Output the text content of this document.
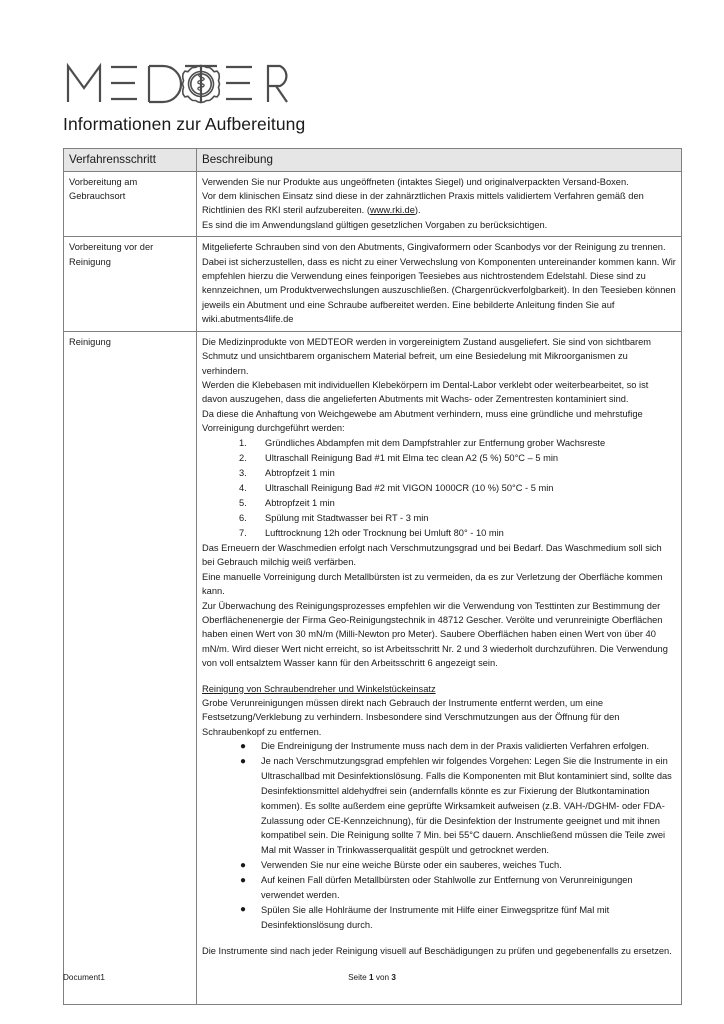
Informationen zur Aufbereitung
Verfahrensschritt	Beschreibung
Vorbereitung am Gebrauchsort	Verwenden Sie nur Produkte aus ungeöffneten (intaktes Siegel) und originalverpackten Versand-Boxen.

Vor dem klinischen Einsatz sind diese in der zahnärztlichen Praxis mittels validiertem Verfahren gemäß den Richtlinien des RKI steril aufzubereiten. (www.rki.de).

Es sind die im Anwendungsland gültigen gesetzlichen Vorgaben zu berücksichtigen.

Vorbereitung vor der Reinigung	Mitgelieferte Schrauben sind von den Abutments, Gingivaformern oder Scanbodys vor der Reinigung zu trennen. Dabei ist sicherzustellen, dass es nicht zu einer Verwechslung von Komponenten untereinander kommen kann. Wir empfehlen hierzu die Verwendung eines feinporigen Teesiebes aus nichtrostendem Edelstahl. Diese sind zu kennzeichnen, um Produktverwechslungen auszuschließen. (Chargenrückverfolgbarkeit). In den Teesieben können jeweils ein Abutment und eine Schraube aufbereitet werden. Eine bebilderte Anleitung finden Sie auf wiki.abutments4life.de

Reinigung	Die Medizinprodukte von MEDTEOR werden in vorgereinigtem Zustand ausgeliefert. Sie sind von sichtbarem Schmutz und unsichtbarem organischem Material befreit, um eine Besiedelung mit Mikroorganismen zu verhindern.

Werden die Klebebasen mit individuellen Klebekörpern im Dental-Labor verklebt oder weiterbearbeitet, so ist davon auszugehen, dass die angelieferten Abutments mit Wachs- oder Zementresten kontaminiert sind.

Da diese die Anhaftung von Weichgewebe am Abutment verhindern, muss eine gründliche und mehrstufige Vorreinigung durchgeführt werden:

1.	Gründliches Abdampfen mit dem Dampfstrahler zur Entfernung grober Wachsreste
2.	Ultraschall Reinigung Bad #1 mit Elma tec clean A2 (5 %) 50°C – 5 min
3.	Abtropfzeit 1 min
4.	Ultraschall Reinigung Bad #2 mit VIGON 1000CR (10 %) 50°C - 5 min
5.	Abtropfzeit 1 min
6.	Spülung mit Stadtwasser bei RT - 3 min
7.	Lufttrocknung 12h oder Trocknung bei Umluft 80° - 10 min

Das Erneuern der Waschmedien erfolgt nach Verschmutzungsgrad und bei Bedarf. Das Waschmedium soll sich bei Gebrauch milchig weiß verfärben.

Eine manuelle Vorreinigung durch Metallbürsten ist zu vermeiden, da es zur Verletzung der Oberfläche kommen kann.

Zur Überwachung des Reinigungsprozesses empfehlen wir die Verwendung von Testtinten zur Bestimmung der Oberflächenenergie der Firma Geo-Reinigungstechnik in 48712 Gescher. Verölte und verunreinigte Oberflächen haben einen Wert von 30 mN/m (Milli-Newton pro Meter). Saubere Oberflächen haben einen Wert von über 40 mN/m. Wird dieser Wert nicht erreicht, so ist Arbeitsschritt Nr. 2 und 3 wiederholt durchzuführen. Die Verwendung von voll entsalztem Wasser kann für den Arbeitsschritt 6 angezeigt sein.

Reinigung von Schraubendreher und Winkelstückeinsatz

Grobe Verunreinigungen müssen direkt nach Gebrauch der Instrumente entfernt werden, um eine Festsetzung/Verklebung zu verhindern. Insbesondere sind Verschmutzungen aus der Öffnung für den Schraubenkopf zu entfernen.

● Die Endreinigung der Instrumente muss nach dem in der Praxis validierten Verfahren erfolgen.
● Je nach Verschmutzungsgrad empfehlen wir folgendes Vorgehen: Legen Sie die Instrumente in ein Ultraschallbad mit Desinfektionslösung. Falls die Komponenten mit Blut kontaminiert sind, sollte das Desinfektionsmittel aldehydfrei sein (andernfalls könnte es zur Fixierung der Blutkontamination kommen). Es sollte außerdem eine geprüfte Wirksamkeit aufweisen (z.B. VAH-/DGHM- oder FDA-Zulassung oder CE-Kennzeichnung), für die Desinfektion der Instrumente geeignet und mit ihnen kompatibel sein. Die Reinigung sollte 7 Min. bei 55°C dauern. Anschließend müssen die Teile zwei Mal mit Wasser in Trinkwasserqualität gespült und getrocknet werden.
● Verwenden Sie nur eine weiche Bürste oder ein sauberes, weiches Tuch.
● Auf keinen Fall dürfen Metallbürsten oder Stahlwolle zur Entfernung von Verunreinigungen verwendet werden.
● Spülen Sie alle Hohlräume der Instrumente mit Hilfe einer Einwegspritze fünf Mal mit Desinfektionslösung durch.

Die Instrumente sind nach jeder Reinigung visuell auf Beschädigungen zu prüfen und gegebenenfalls zu ersetzen.

Document1	Seite 1 von 3
